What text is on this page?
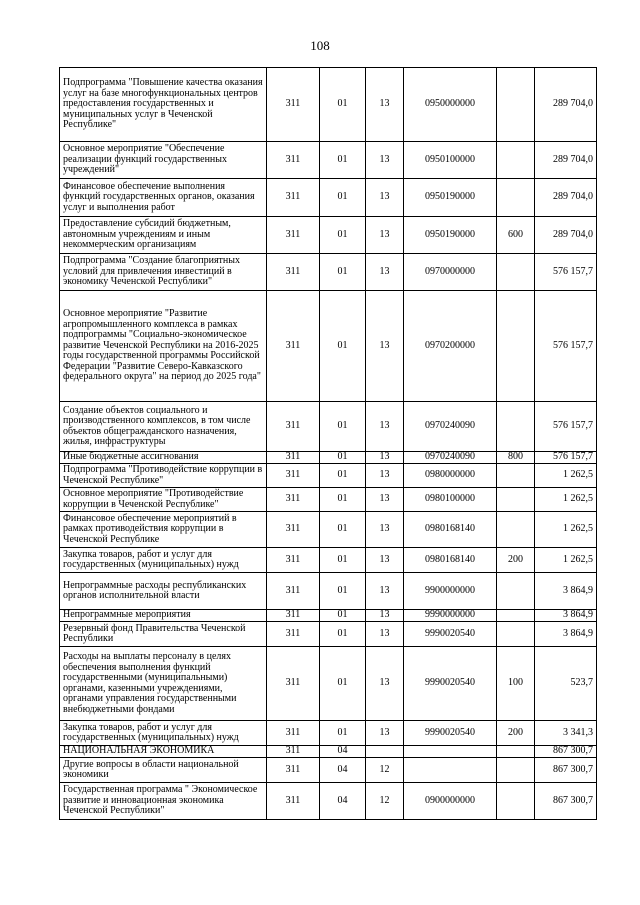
108
Подпрограмма "Повышение качества оказания услуг на базе многофункциональных центров предоставления государственных и муниципальных услуг в Чеченской Республике"	311	01	13	0950000000		289 704,0
Основное мероприятие "Обеспечение реализации функций государственных учреждений"	311	01	13	0950100000		289 704,0
Финансовое обеспечение выполнения функций государственных органов, оказания услуг и выполнения работ	311	01	13	0950190000		289 704,0
Предоставление субсидий бюджетным, автономным учреждениям и иным некоммерческим организациям	311	01	13	0950190000	600	289 704,0
Подпрограмма "Создание благоприятных условий для привлечения инвестиций в экономику Чеченской Республики"	311	01	13	0970000000		576 157,7
Основное мероприятие "Развитие агропромышленного комплекса в рамках подпрограммы "Социально-экономическое развитие Чеченской Республики на 2016-2025 годы государственной программы Российской Федерации "Развитие Северо-Кавказского федерального округа" на период до 2025 года"	311	01	13	0970200000		576 157,7
Создание объектов социального и производственного комплексов, в том числе объектов общегражданского назначения, жилья, инфраструктуры	311	01	13	0970240090		576 157,7
Иные бюджетные ассигнования	311	01	13	0970240090	800	576 157,7
Подпрограмма "Противодействие коррупции в Чеченской Республике"	311	01	13	0980000000		1 262,5
Основное мероприятие "Противодействие коррупции в Чеченской Республике"	311	01	13	0980100000		1 262,5
Финансовое обеспечение мероприятий в рамках противодействия коррупции в Чеченской Республике	311	01	13	0980168140		1 262,5
Закупка товаров, работ и услуг для государственных (муниципальных) нужд	311	01	13	0980168140	200	1 262,5
Непрограммные расходы республиканских органов исполнительной власти	311	01	13	9900000000		3 864,9
Непрограммные мероприятия	311	01	13	9990000000		3 864,9
Резервный фонд Правительства Чеченской Республики	311	01	13	9990020540		3 864,9
Расходы на выплаты персоналу в целях обеспечения выполнения функций государственными (муниципальными) органами, казенными учреждениями, органами управления государственными внебюджетными фондами	311	01	13	9990020540	100	523,7
Закупка товаров, работ и услуг для государственных (муниципальных) нужд	311	01	13	9990020540	200	3 341,3
НАЦИОНАЛЬНАЯ ЭКОНОМИКА	311	04				867 300,7
Другие вопросы в области национальной экономики	311	04	12			867 300,7
Государственная программа " Экономическое развитие и инновационная экономика Чеченской Республики"	311	04	12	0900000000		867 300,7
